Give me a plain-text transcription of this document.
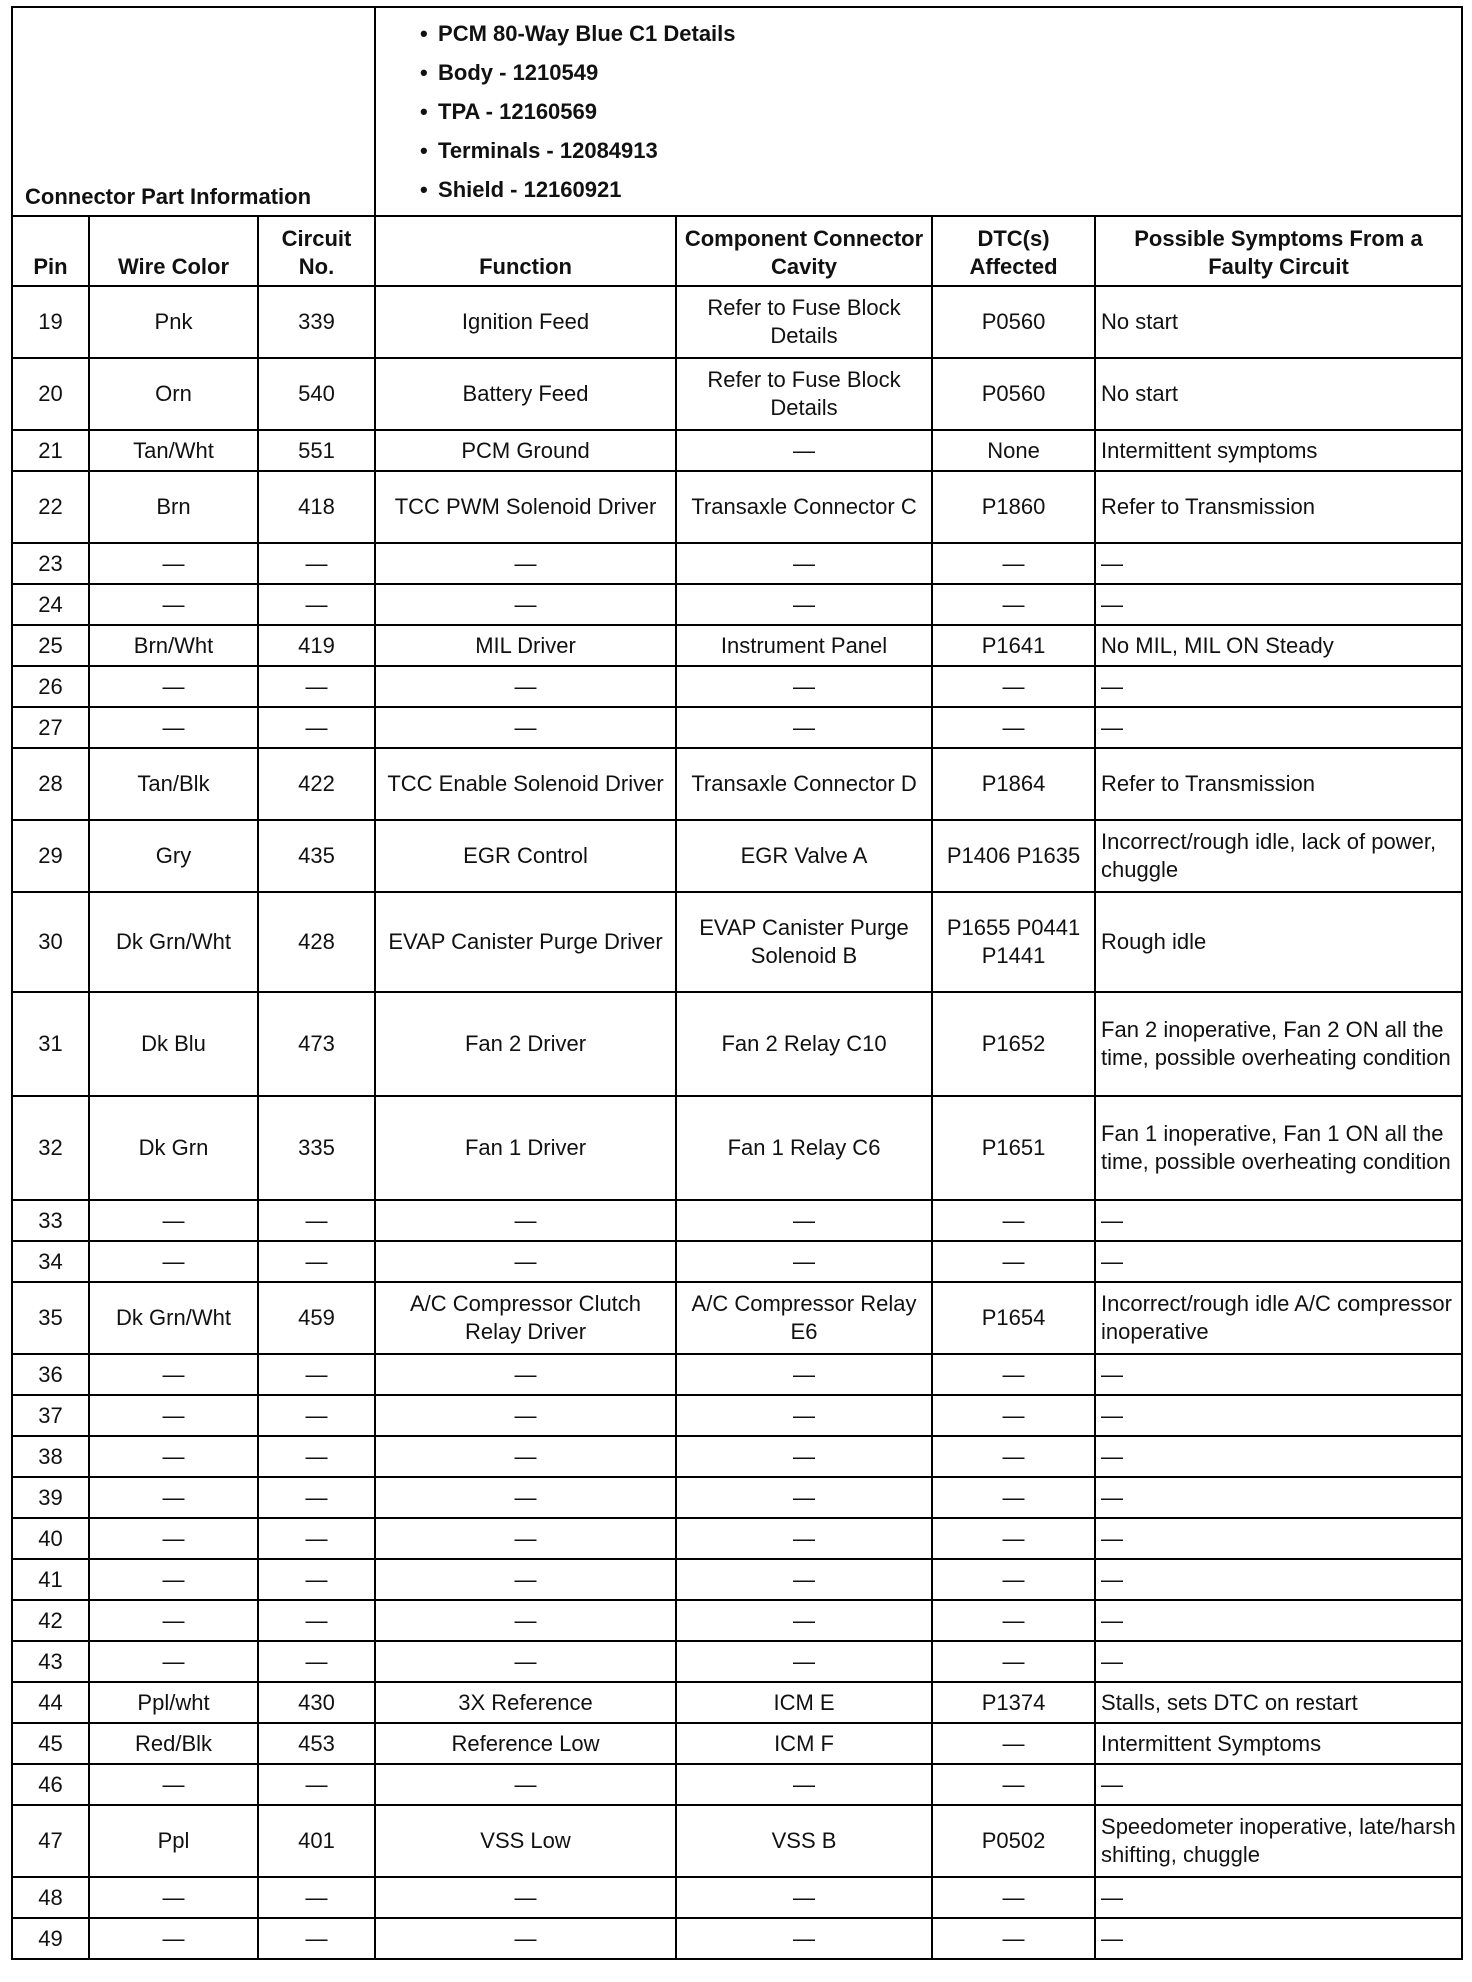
Connector Part Information			• PCM 80-Way Blue C1 Details
• Body - 1210549
• TPA - 12160569
• Terminals - 12084913
• Shield - 12160921			

Pin	Wire Color	Circuit No.	Function	Component Connector Cavity	DTC(s) Affected	Possible Symptoms From a Faulty Circuit
19	Pnk	339	Ignition Feed	Refer to Fuse Block Details	P0560	No start
20	Orn	540	Battery Feed	Refer to Fuse Block Details	P0560	No start
21	Tan/Wht	551	PCM Ground	—	None	Intermittent symptoms
22	Brn	418	TCC PWM Solenoid Driver	Transaxle Connector C	P1860	Refer to Transmission
23	—	—	—	—	—	—
24	—	—	—	—	—	—
25	Brn/Wht	419	MIL Driver	Instrument Panel	P1641	No MIL, MIL ON Steady
26	—	—	—	—	—	—
27	—	—	—	—	—	—
28	Tan/Blk	422	TCC Enable Solenoid Driver	Transaxle Connector D	P1864	Refer to Transmission
29	Gry	435	EGR Control	EGR Valve A	P1406 P1635	Incorrect/rough idle, lack of power, chuggle
30	Dk Grn/Wht	428	EVAP Canister Purge Driver	EVAP Canister Purge Solenoid B	P1655 P0441 P1441	Rough idle
31	Dk Blu	473	Fan 2 Driver	Fan 2 Relay C10	P1652	Fan 2 inoperative, Fan 2 ON all the time, possible overheating condition
32	Dk Grn	335	Fan 1 Driver	Fan 1 Relay C6	P1651	Fan 1 inoperative, Fan 1 ON all the time, possible overheating condition
33	—	—	—	—	—	—
34	—	—	—	—	—	—
35	Dk Grn/Wht	459	A/C Compressor Clutch Relay Driver	A/C Compressor Relay E6	P1654	Incorrect/rough idle A/C compressor inoperative
36	—	—	—	—	—	—
37	—	—	—	—	—	—
38	—	—	—	—	—	—
39	—	—	—	—	—	—
40	—	—	—	—	—	—
41	—	—	—	—	—	—
42	—	—	—	—	—	—
43	—	—	—	—	—	—
44	Ppl/wht	430	3X Reference	ICM E	P1374	Stalls, sets DTC on restart
45	Red/Blk	453	Reference Low	ICM F	—	Intermittent Symptoms
46	—	—	—	—	—	—
47	Ppl	401	VSS Low	VSS B	P0502	Speedometer inoperative, late/harsh shifting, chuggle
48	—	—	—	—	—	—
49	—	—	—	—	—	—
